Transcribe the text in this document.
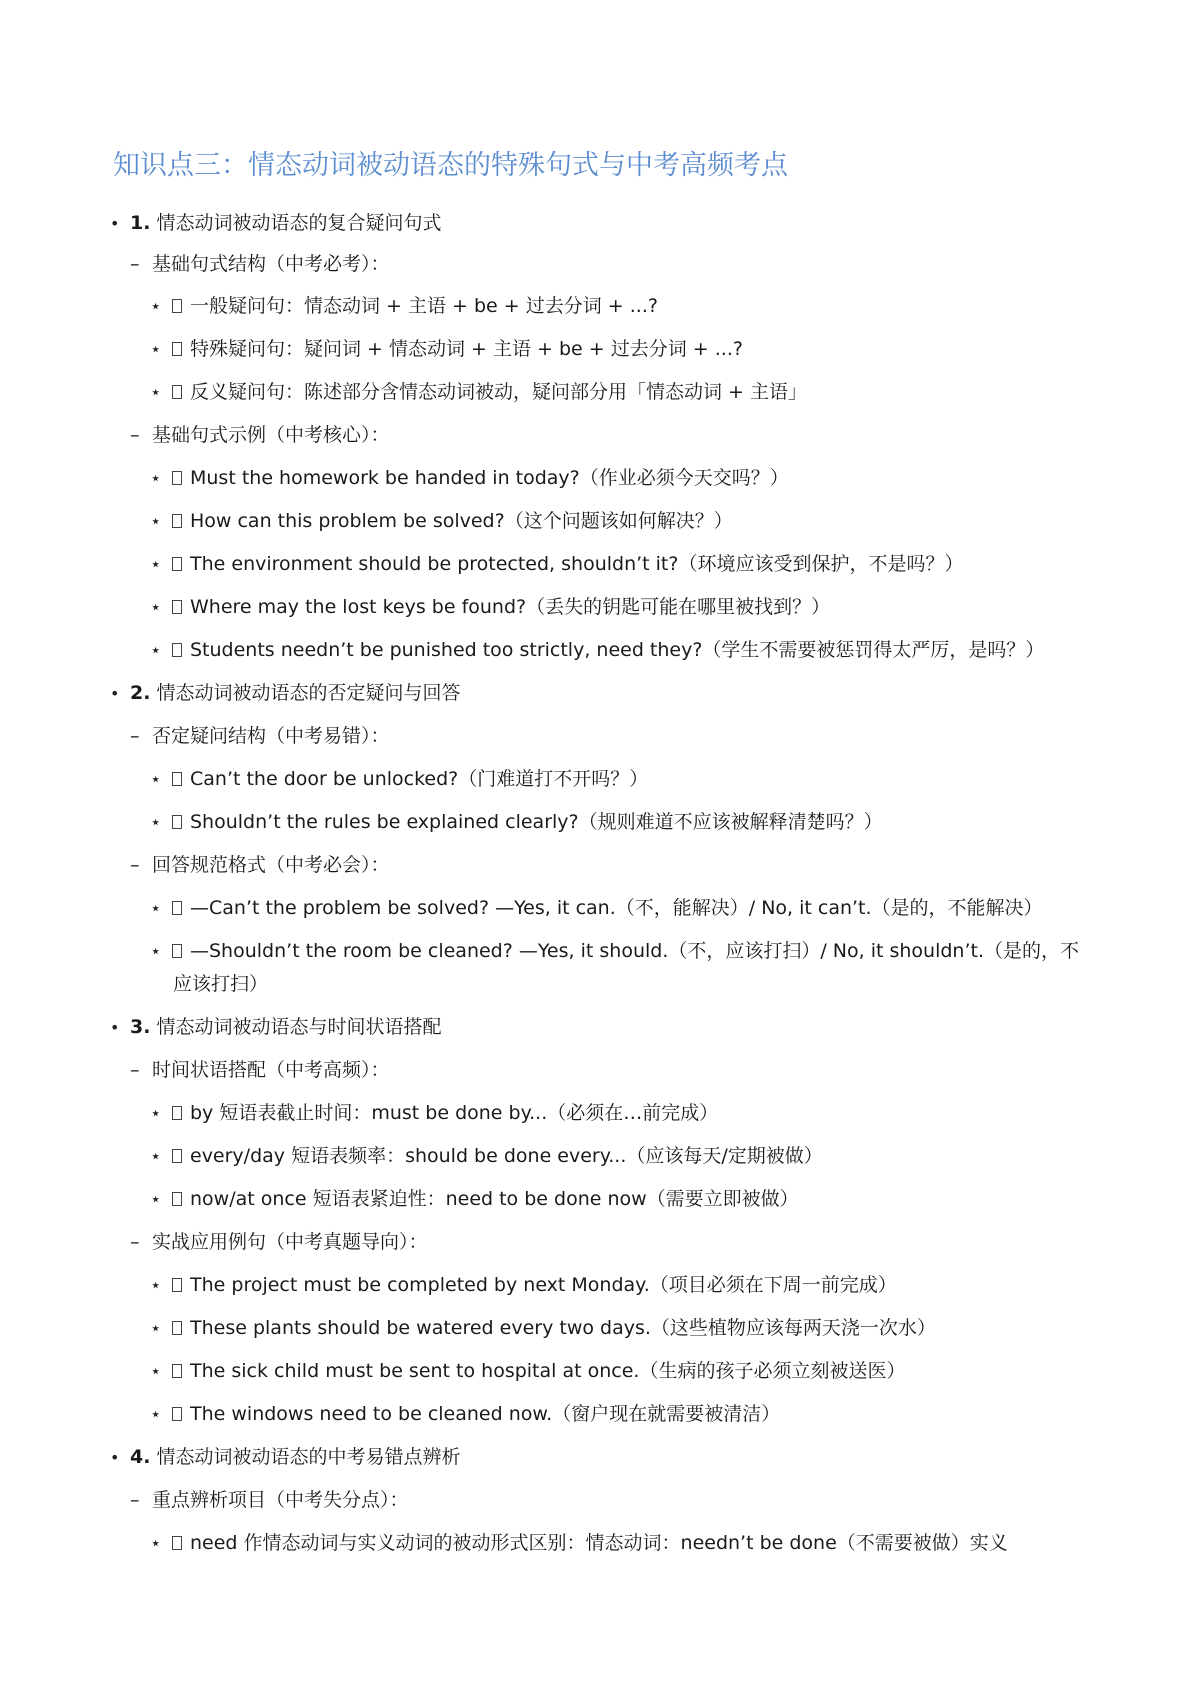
知识点三：情态动词被动语态的特殊句式与中考高频考点
• 1. 情态动词被动语态的复合疑问句式
– 基础句式结构（中考必考）：
⋆ 一般疑问句：情态动词 + 主语 + be + 过去分词 + ...?
⋆ 特殊疑问句：疑问词 + 情态动词 + 主语 + be + 过去分词 + ...?
⋆ 反义疑问句：陈述部分含情态动词被动，疑问部分用「情态动词 + 主语」
– 基础句式示例（中考核心）：
⋆ Must the homework be handed in today?（作业必须今天交吗？）
⋆ How can this problem be solved?（这个问题该如何解决？）
⋆ The environment should be protected, shouldn’t it?（环境应该受到保护，不是吗？）
⋆ Where may the lost keys be found?（丢失的钥匙可能在哪里被找到？）
⋆ Students needn’t be punished too strictly, need they?（学生不需要被惩罚得太严厉，是吗？）
• 2. 情态动词被动语态的否定疑问与回答
– 否定疑问结构（中考易错）：
⋆ Can’t the door be unlocked?（门难道打不开吗？）
⋆ Shouldn’t the rules be explained clearly?（规则难道不应该被解释清楚吗？）
– 回答规范格式（中考必会）：
⋆ —Can’t the problem be solved? —Yes, it can.（不，能解决）/ No, it can’t.（是的，不能解决）
⋆ —Shouldn’t the room be cleaned? —Yes, it should.（不，应该打扫）/ No, it shouldn’t.（是的，不
应该打扫）
• 3. 情态动词被动语态与时间状语搭配
– 时间状语搭配（中考高频）：
⋆ by 短语表截止时间：must be done by...（必须在…前完成）
⋆ every/day 短语表频率：should be done every...（应该每天/定期被做）
⋆ now/at once 短语表紧迫性：need to be done now（需要立即被做）
– 实战应用例句（中考真题导向）：
⋆ The project must be completed by next Monday.（项目必须在下周一前完成）
⋆ These plants should be watered every two days.（这些植物应该每两天浇一次水）
⋆ The sick child must be sent to hospital at once.（生病的孩子必须立刻被送医）
⋆ The windows need to be cleaned now.（窗户现在就需要被清洁）
• 4. 情态动词被动语态的中考易错点辨析
– 重点辨析项目（中考失分点）：
⋆ need 作情态动词与实义动词的被动形式区别：情态动词：needn’t be done（不需要被做）实义
